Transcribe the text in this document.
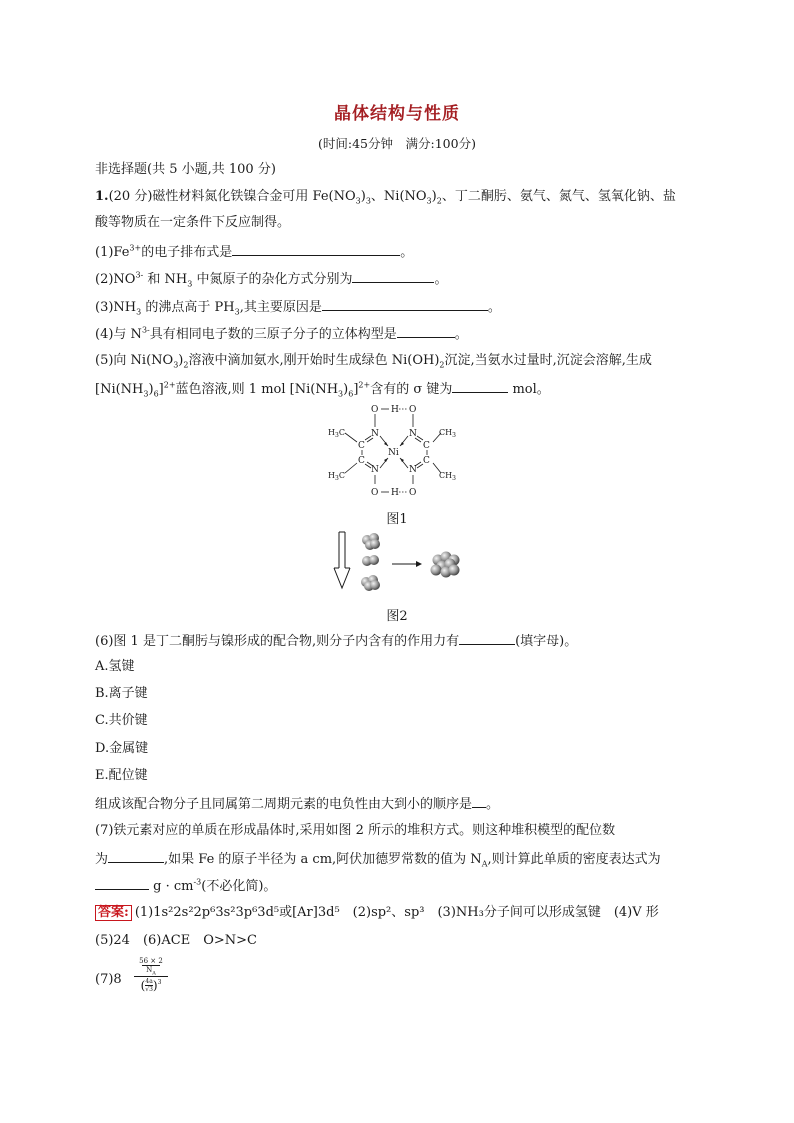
晶体结构与性质
(时间:45分钟　满分:100分)
非选择题(共 5 小题,共 100 分)
1.(20 分)磁性材料氮化铁镍合金可用 $Fe(NO_3)_3$、$Ni(NO_3)_2$、丁二酮肟、氨气、氮气、氢氧化钠、盐
酸等物质在一定条件下反应制得。
$(1)Fe^{3+}$的电子排布式是	。
$(2)NO^{3-}$ 和 $NH_3$ 中氮原子的杂化方式分别为	。
$(3)NH_3$ 的沸点高于 $PH_3$,其主要原因是	。
(4)与 $N^{3-}$具有相同电子数的三原子分子的立体构型是	。
(5)向 $Ni(NO_3)_2$溶液中滴加氨水,刚开始时生成绿色 $Ni(OH)_2$沉淀,当氨水过量时,沉淀会溶解,生成
$[Ni(NH_3)_6]^{2+}$蓝色溶液,则 1 mol $[Ni(NH_3)_6]^{2+}$含有的 σ 键为	mol。
O H O
O H O
N	N
N	N
C
C
C
C
Ni
$H_3C$
$H_3C$
$CH_3$
$CH_3$
图1
图2
(6)图 1 是丁二酮肟与镍形成的配合物,则分子内含有的作用力有	(填字母)。
A.氢键
B.离子键
C.共价键
D.金属键
E.配位键
组成该配合物分子且同属第二周期元素的电负性由大到小的顺序是 。
(7)铁元素对应的单质在形成晶体时,采用如图 2 所示的堆积方式。则这种堆积模型的配位数
为	,如果 Fe 的原子半径为 a cm,阿伏加德罗常数的值为 $N_A$,则计算此单质的密度表达式为
$g \cdot cm^{-3}$(不必化简)。
答案: (1)1s²2s²2p⁶3s²3p⁶3d⁵或[Ar]3d⁵　(2)sp²、sp³　(3)NH₃分子间可以形成氢键　(4)V 形
(5)24　(6)ACE　O>N>C
(7)8
56 × 2
$N_A$
( $\frac{4a}{√3} )^3$
